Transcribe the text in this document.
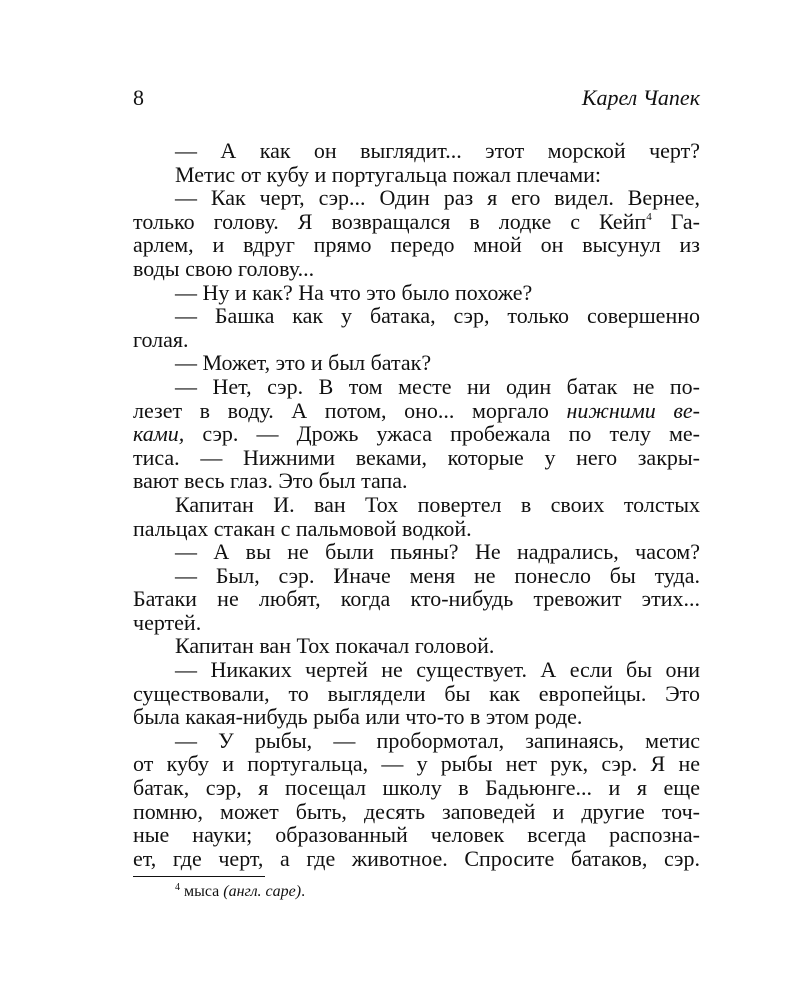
8	Карел Чапек
— А как он выглядит... этот морской черт?
Метис от кубу и португальца пожал плечами:
— Как черт, сэр... Один раз я его видел. Вернее,
только голову. Я возвращался в лодке с Кейп$^4$ Га-
арлем, и вдруг прямо передо мной он высунул из
воды свою голову...
— Ну и как? На что это было похоже?
— Башка как у батака, сэр, только совершенно
голая.
— Может, это и был батак?
— Нет, сэр. В том месте ни один батак не по-
лезет в воду. А потом, оно... моргало нижними ве-
ками, сэр. — Дрожь ужаса пробежала по телу ме-
тиса. — Нижними веками, которые у него закры-
вают весь глаз. Это был тапа.
Капитан И. ван Тох повертел в своих толстых
пальцах стакан с пальмовой водкой.
— А вы не были пьяны? Не надрались, часом?
— Был, сэр. Иначе меня не понесло бы туда.
Батаки не любят, когда кто-нибудь тревожит этих...
чертей.
Капитан ван Тох покачал головой.
— Никаких чертей не существует. А если бы они
существовали, то выглядели бы как европейцы. Это
была какая-нибудь рыба или что-то в этом роде.
— У рыбы, — пробормотал, запинаясь, метис
от кубу и португальца, — у рыбы нет рук, сэр. Я не
батак, сэр, я посещал школу в Бадьюнге... и я еще
помню, может быть, десять заповедей и другие точ-
ные науки; образованный человек всегда распозна-
ет, где черт, а где животное. Спросите батаков, сэр.
$^4$ мыса (англ. cape).
